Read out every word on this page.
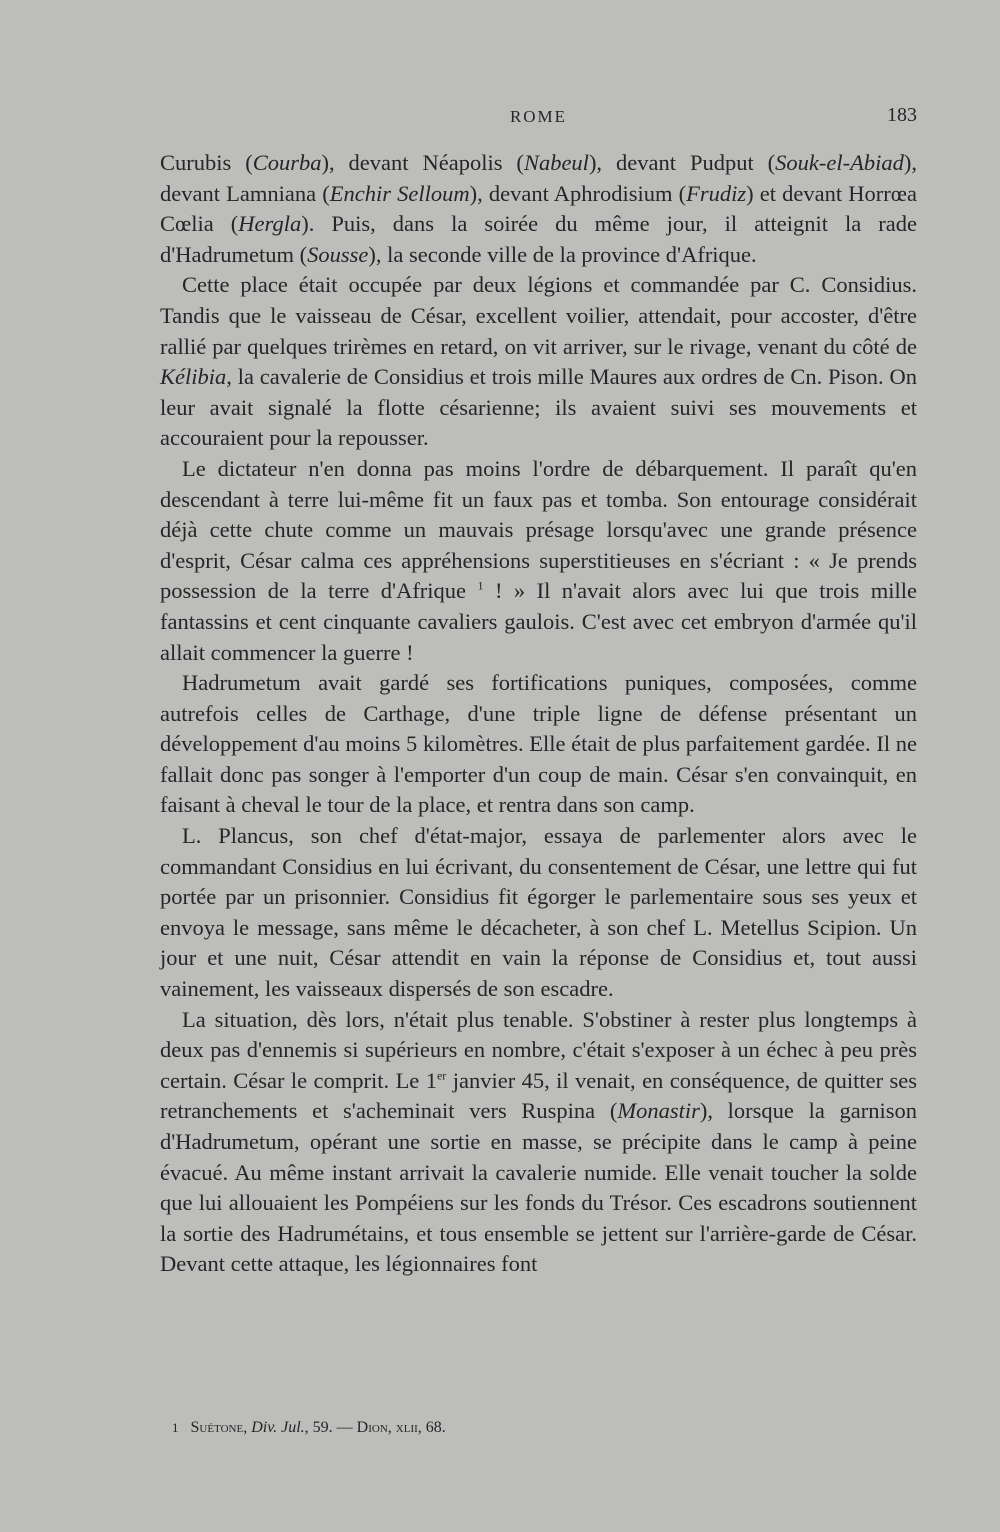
ROME	183

Curubis (Courba), devant Néapolis (Nabeul), devant Pudput (Souk-el-Abiad), devant Lamniana (Enchir Selloum), devant Aphrodisium (Frudiz) et devant Horrœa Cœlia (Hergla). Puis, dans la soirée du même jour, il atteignit la rade d'Hadrumetum (Sousse), la seconde ville de la province d'Afrique.

Cette place était occupée par deux légions et commandée par C. Considius. Tandis que le vaisseau de César, excellent voilier, attendait, pour accoster, d'être rallié par quelques trirèmes en retard, on vit arriver, sur le rivage, venant du côté de Kélibia, la cavalerie de Considius et trois mille Maures aux ordres de Cn. Pison. On leur avait signalé la flotte césarienne; ils avaient suivi ses mouvements et accouraient pour la repousser.

Le dictateur n'en donna pas moins l'ordre de débarquement. Il paraît qu'en descendant à terre lui-même fit un faux pas et tomba. Son entourage considérait déjà cette chute comme un mauvais présage lorsqu'avec une grande présence d'esprit, César calma ces appréhensions superstitieuses en s'écriant : « Je prends possession de la terre d'Afrique $^1$ ! » Il n'avait alors avec lui que trois mille fantassins et cent cinquante cavaliers gaulois. C'est avec cet embryon d'armée qu'il allait commencer la guerre !

Hadrumetum avait gardé ses fortifications puniques, composées, comme autrefois celles de Carthage, d'une triple ligne de défense présentant un développement d'au moins 5 kilomètres. Elle était de plus parfaitement gardée. Il ne fallait donc pas songer à l'emporter d'un coup de main. César s'en convainquit, en faisant à cheval le tour de la place, et rentra dans son camp.

L. Plancus, son chef d'état-major, essaya de parlementer alors avec le commandant Considius en lui écrivant, du consentement de César, une lettre qui fut portée par un prisonnier. Considius fit égorger le parlementaire sous ses yeux et envoya le message, sans même le décacheter, à son chef L. Metellus Scipion. Un jour et une nuit, César attendit en vain la réponse de Considius et, tout aussi vainement, les vaisseaux dispersés de son escadre.

La situation, dès lors, n'était plus tenable. S'obstiner à rester plus longtemps à deux pas d'ennemis si supérieurs en nombre, c'était s'exposer à un échec à peu près certain. César le comprit. Le 1er janvier 45, il venait, en conséquence, de quitter ses retranchements et s'acheminait vers Ruspina (Monastir), lorsque la garnison d'Hadrumetum, opérant une sortie en masse, se précipite dans le camp à peine évacué. Au même instant arrivait la cavalerie numide. Elle venait toucher la solde que lui allouaient les Pompéiens sur les fonds du Trésor. Ces escadrons soutiennent la sortie des Hadrumétains, et tous ensemble se jettent sur l'arrière-garde de César. Devant cette attaque, les légionnaires font

1 Suétone, Div. Jul., 59. — Dion, xlii, 68.
